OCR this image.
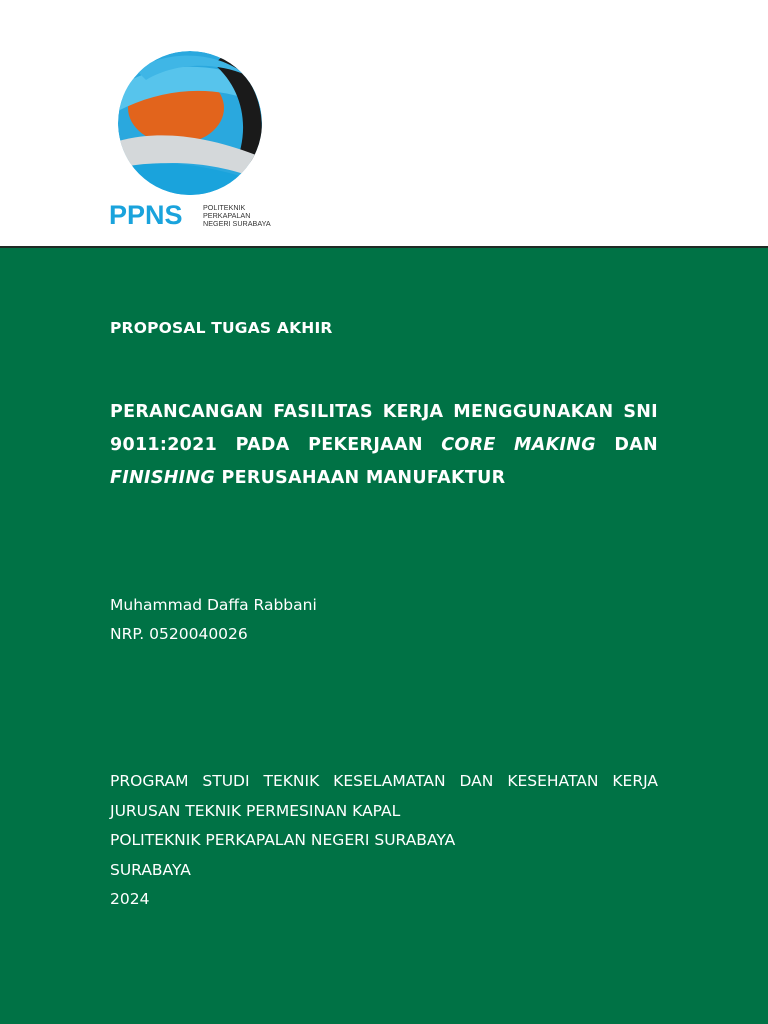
PPNS	POLITEKNIK
PERKAPALAN
NEGERI SURABAYA
PROPOSAL TUGAS AKHIR
PERANCANGAN FASILITAS KERJA MENGGUNAKAN SNI
9011:2021 PADA PEKERJAAN CORE MAKING DAN
FINISHING PERUSAHAAN MANUFAKTUR
Muhammad Daffa Rabbani
NRP. 0520040026
PROGRAM STUDI TEKNIK KESELAMATAN DAN KESEHATAN KERJA
JURUSAN TEKNIK PERMESINAN KAPAL
POLITEKNIK PERKAPALAN NEGERI SURABAYA
SURABAYA
2024
